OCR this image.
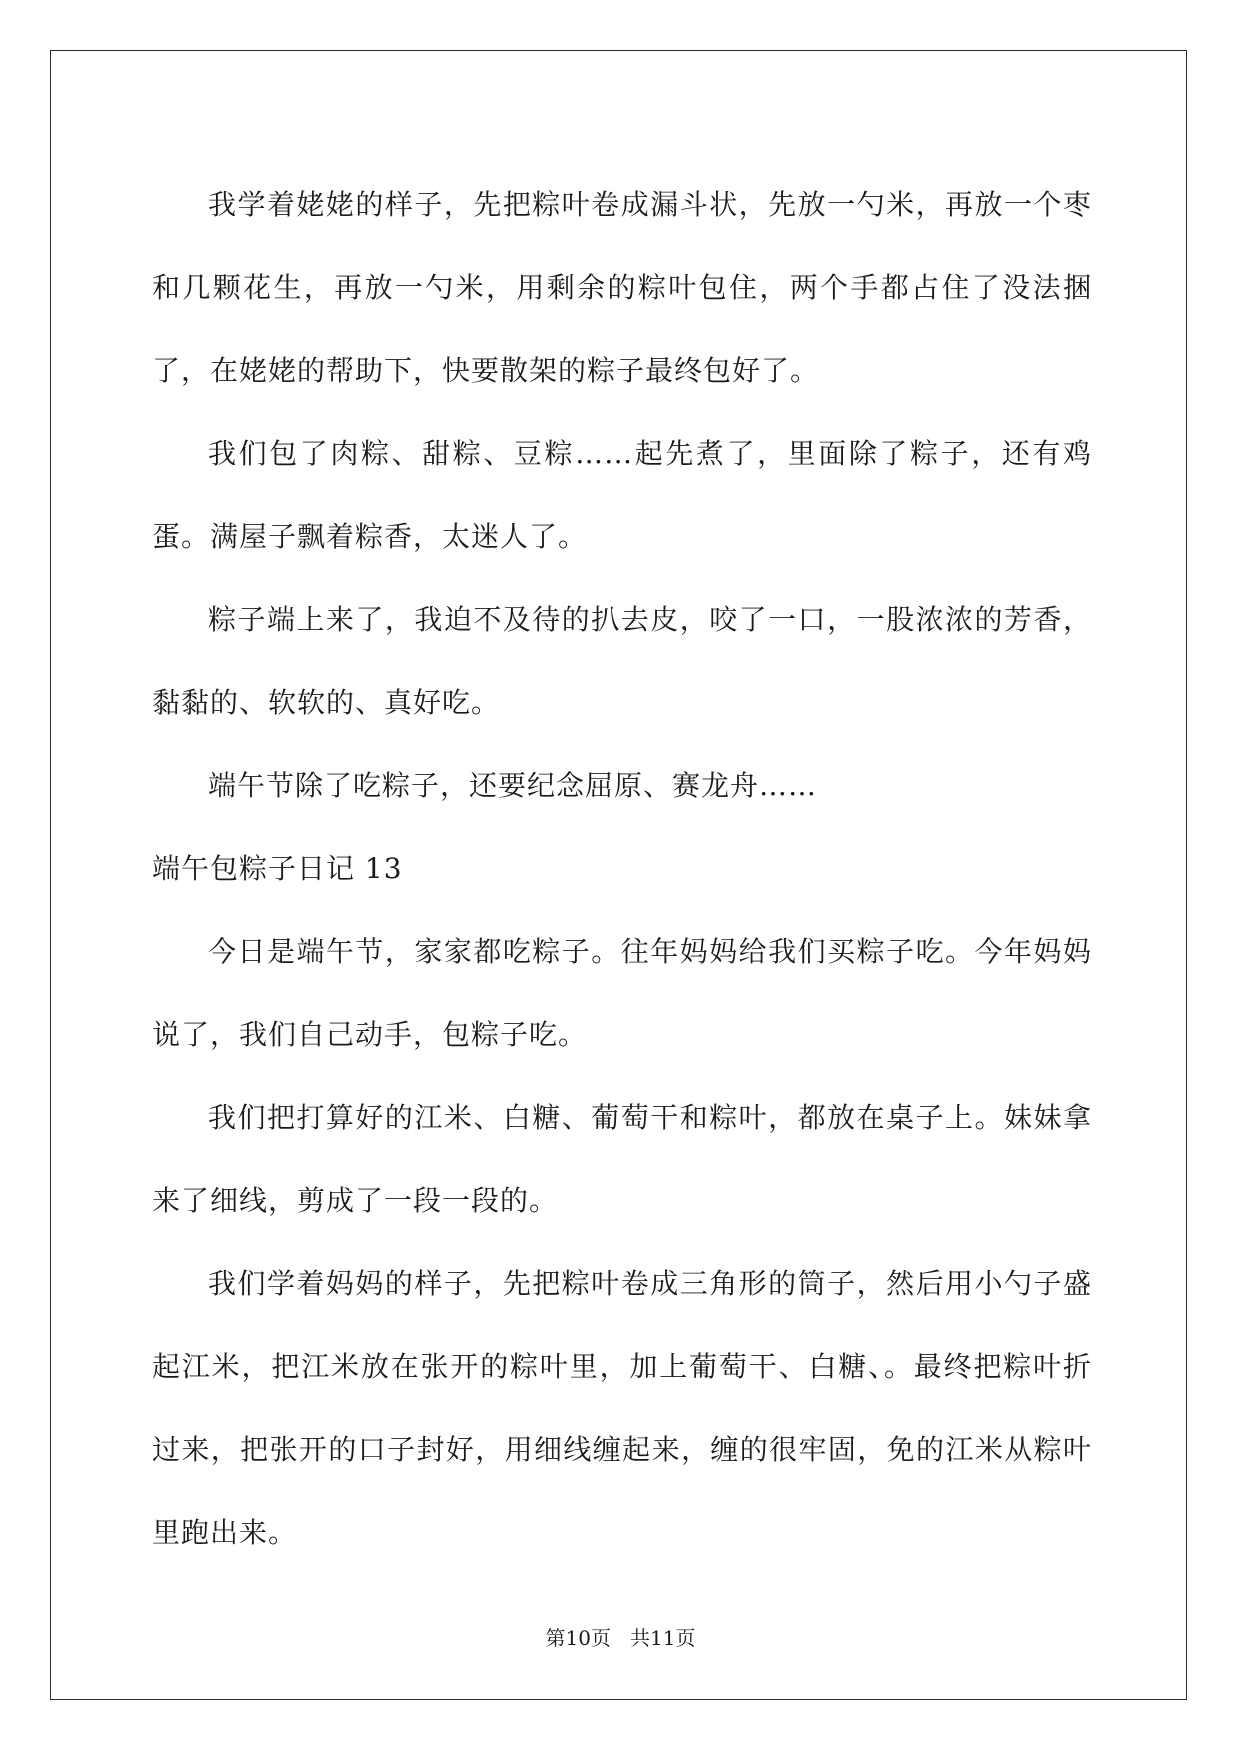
我学着姥姥的样子，先把粽叶卷成漏斗状，先放一勺米，再放一个枣和几颗花生，再放一勺米，用剩余的粽叶包住，两个手都占住了没法捆了，在姥姥的帮助下，快要散架的粽子最终包好了。

我们包了肉粽、甜粽、豆粽……起先煮了，里面除了粽子，还有鸡蛋。满屋子飘着粽香，太迷人了。

粽子端上来了，我迫不及待的扒去皮，咬了一口，一股浓浓的芳香，黏黏的、软软的、真好吃。

端午节除了吃粽子，还要纪念屈原、赛龙舟……

端午包粽子日记 13

今日是端午节，家家都吃粽子。往年妈妈给我们买粽子吃。今年妈妈说了，我们自己动手，包粽子吃。

我们把打算好的江米、白糖、葡萄干和粽叶，都放在桌子上。妹妹拿来了细线，剪成了一段一段的。

我们学着妈妈的样子，先把粽叶卷成三角形的筒子，然后用小勺子盛起江米，把江米放在张开的粽叶里，加上葡萄干、白糖、。最终把粽叶折过来，把张开的口子封好，用细线缠起来，缠的很牢固，免的江米从粽叶里跑出来。

第10页 共11页
